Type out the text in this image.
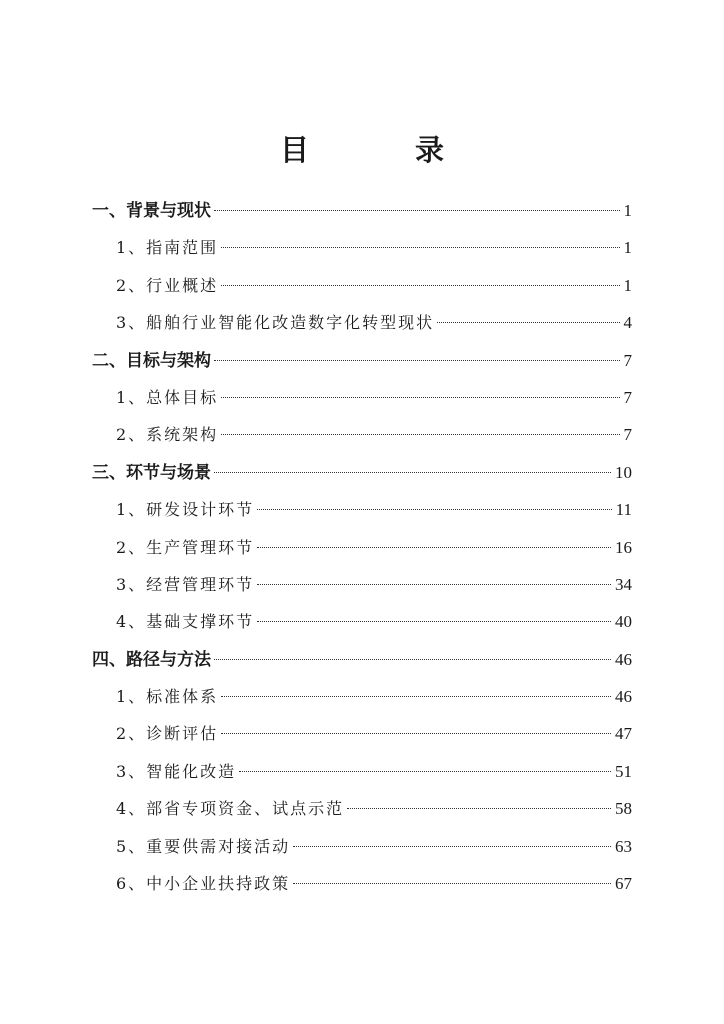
目 录
一、背景与现状	1
1、指南范围	1
2、行业概述	1
3、船舶行业智能化改造数字化转型现状	4
二、目标与架构	7
1、总体目标	7
2、系统架构	7
三、环节与场景	10
1、研发设计环节	11
2、生产管理环节	16
3、经营管理环节	34
4、基础支撑环节	40
四、路径与方法	46
1、标准体系	46
2、诊断评估	47
3、智能化改造	51
4、部省专项资金、试点示范	58
5、重要供需对接活动	63
6、中小企业扶持政策	67
